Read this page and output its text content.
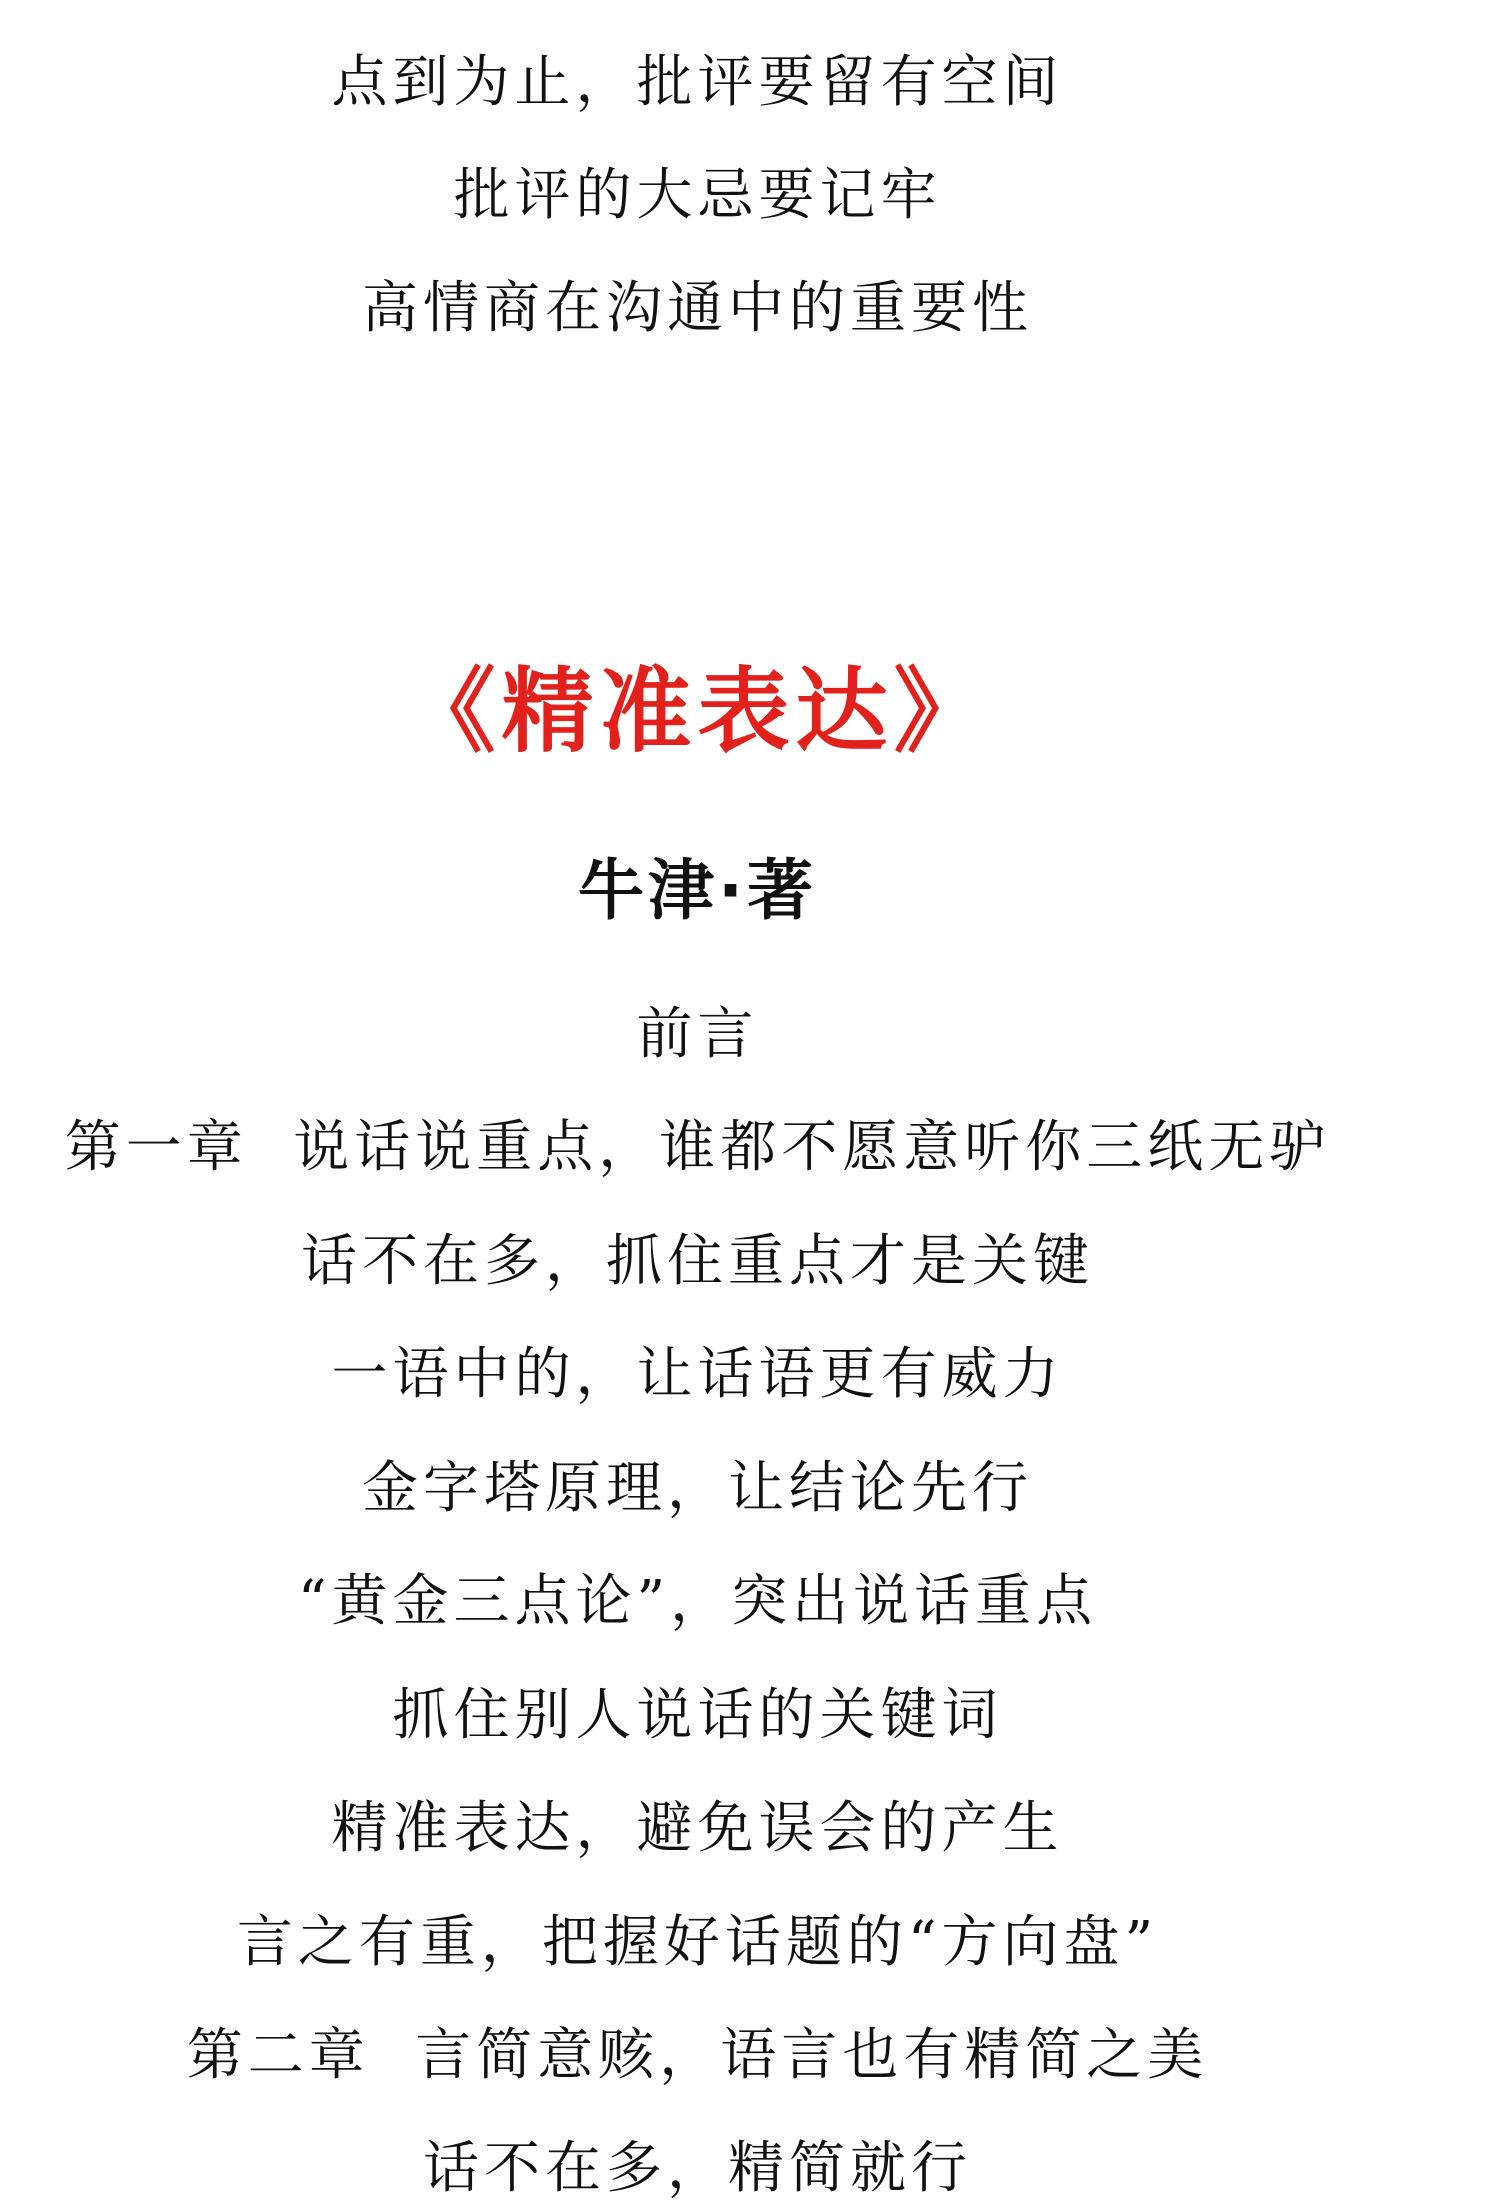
点到为止，批评要留有空间
批评的大忌要记牢
高情商在沟通中的重要性
《精准表达》
牛津·著
前言
第一章  说话说重点，谁都不愿意听你三纸无驴
话不在多，抓住重点才是关键
一语中的，让话语更有威力
金字塔原理，让结论先行
“黄金三点论”，突出说话重点
抓住别人说话的关键词
精准表达，避免误会的产生
言之有重，把握好话题的“方向盘”
第二章  言简意赅，语言也有精简之美
话不在多，精简就行
